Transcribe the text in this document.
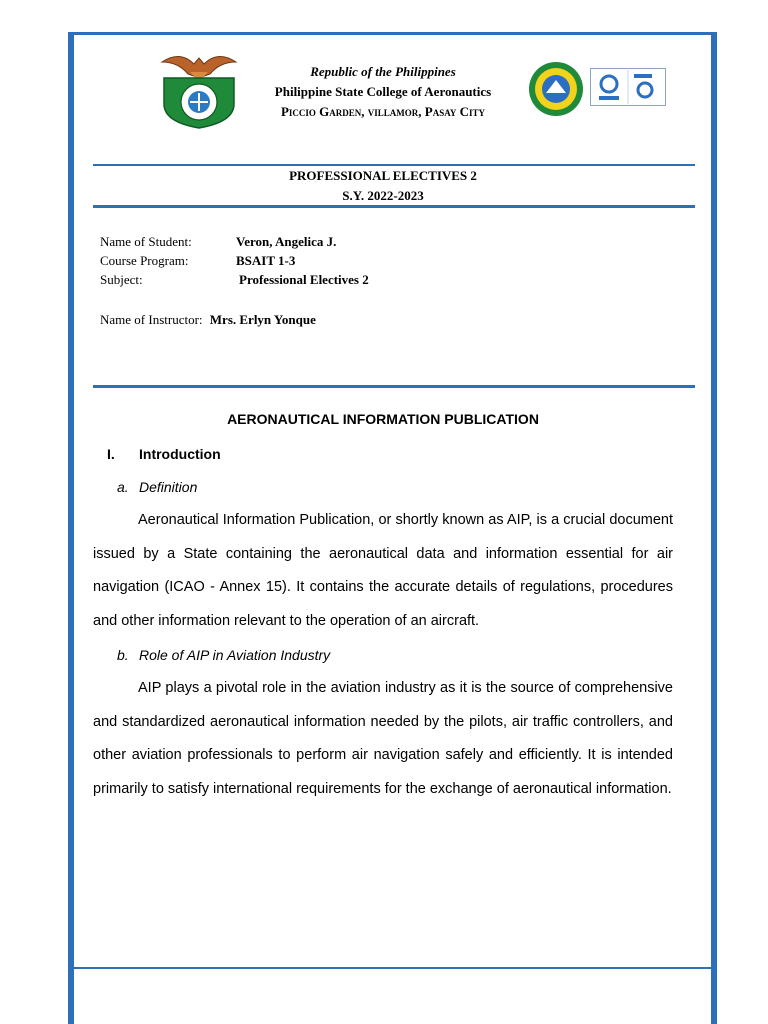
Republic of the Philippines
Philippine State College of Aeronautics
Piccio Garden, villamor, Pasay City
PROFESSIONAL ELECTIVES 2
S.Y. 2022-2023
Name of Student:	Veron, Angelica J.
Course Program:	BSAIT 1-3
Subject:	Professional Electives 2
Name of Instructor: Mrs. Erlyn Yonque
AERONAUTICAL INFORMATION PUBLICATION
I. Introduction
a. Definition
Aeronautical Information Publication, or shortly known as AIP, is a crucial document issued by a State containing the aeronautical data and information essential for air navigation (ICAO - Annex 15). It contains the accurate details of regulations, procedures and other information relevant to the operation of an aircraft.
b. Role of AIP in Aviation Industry
AIP plays a pivotal role in the aviation industry as it is the source of comprehensive and standardized aeronautical information needed by the pilots, air traffic controllers, and other aviation professionals to perform air navigation safely and efficiently. It is intended primarily to satisfy international requirements for the exchange of aeronautical information.
